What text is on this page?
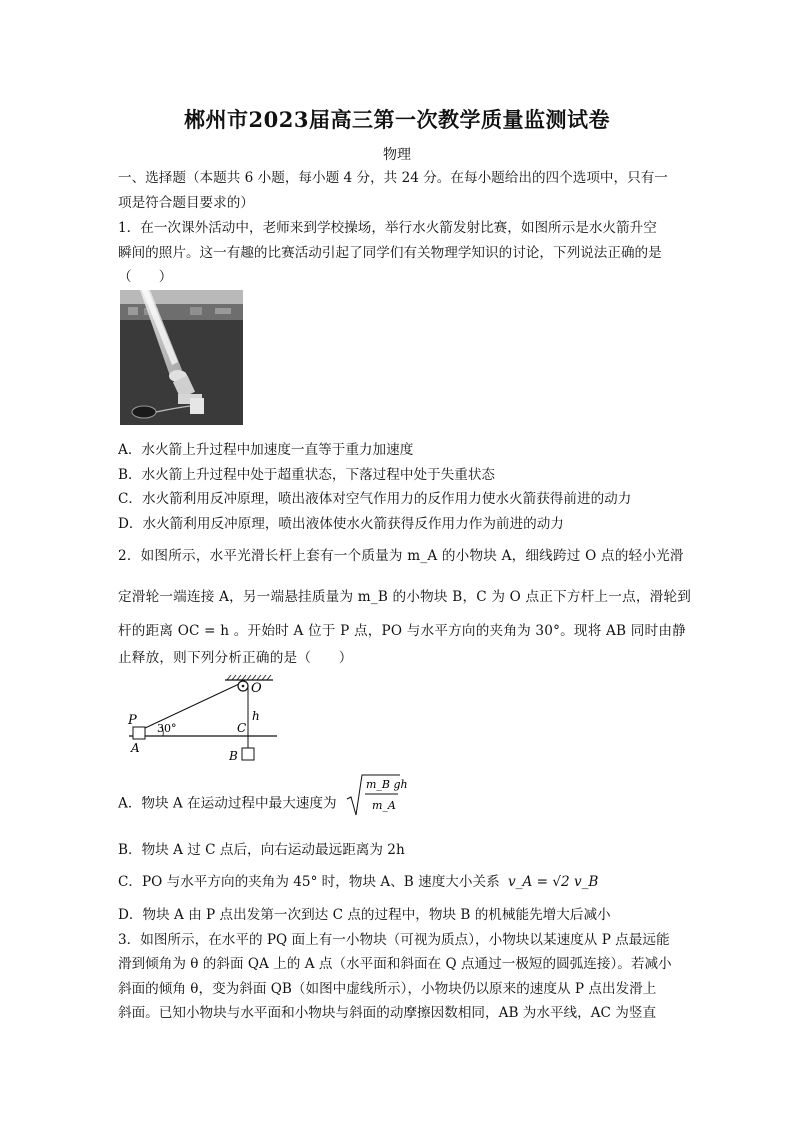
郴州市2023届高三第一次教学质量监测试卷
物理
一、选择题（本题共 6 小题，每小题 4 分，共 24 分。在每小题给出的四个选项中，只有一
项是符合题目要求的）
1．在一次课外活动中，老师来到学校操场，举行水火箭发射比赛，如图所示是水火箭升空
瞬间的照片。这一有趣的比赛活动引起了同学们有关物理学知识的讨论，下列说法正确的是
（　　）
A．水火箭上升过程中加速度一直等于重力加速度
B．水火箭上升过程中处于超重状态，下落过程中处于失重状态
C．水火箭利用反冲原理，喷出液体对空气作用力的反作用力使水火箭获得前进的动力
D．水火箭利用反冲原理，喷出液体使水火箭获得反作用力作为前进的动力
2．如图所示，水平光滑长杆上套有一个质量为 m_A 的小物块 A，细线跨过 O 点的轻小光滑
定滑轮一端连接 A，另一端悬挂质量为 m_B 的小物块 B，C 为 O 点正下方杆上一点，滑轮到
杆的距离 OC = h 。开始时 A 位于 P 点，PO 与水平方向的夹角为 30°。现将 AB 同时由静
止释放，则下列分析正确的是（　　）
O
P
A
C
B
h
30°
A．物块 A 在运动过程中最大速度为
m_B gh
m_A
B．物块 A 过 C 点后，向右运动最远距离为 2h
C．PO 与水平方向的夹角为 45° 时，物块 A、B 速度大小关系 v_A = √2 v_B
D．物块 A 由 P 点出发第一次到达 C 点的过程中，物块 B 的机械能先增大后减小
3．如图所示，在水平的 PQ 面上有一小物块（可视为质点），小物块以某速度从 P 点最远能
滑到倾角为 θ 的斜面 QA 上的 A 点（水平面和斜面在 Q 点通过一极短的圆弧连接）。若减小
斜面的倾角 θ，变为斜面 QB（如图中虚线所示），小物块仍以原来的速度从 P 点出发滑上
斜面。已知小物块与水平面和小物块与斜面的动摩擦因数相同，AB 为水平线，AC 为竖直
